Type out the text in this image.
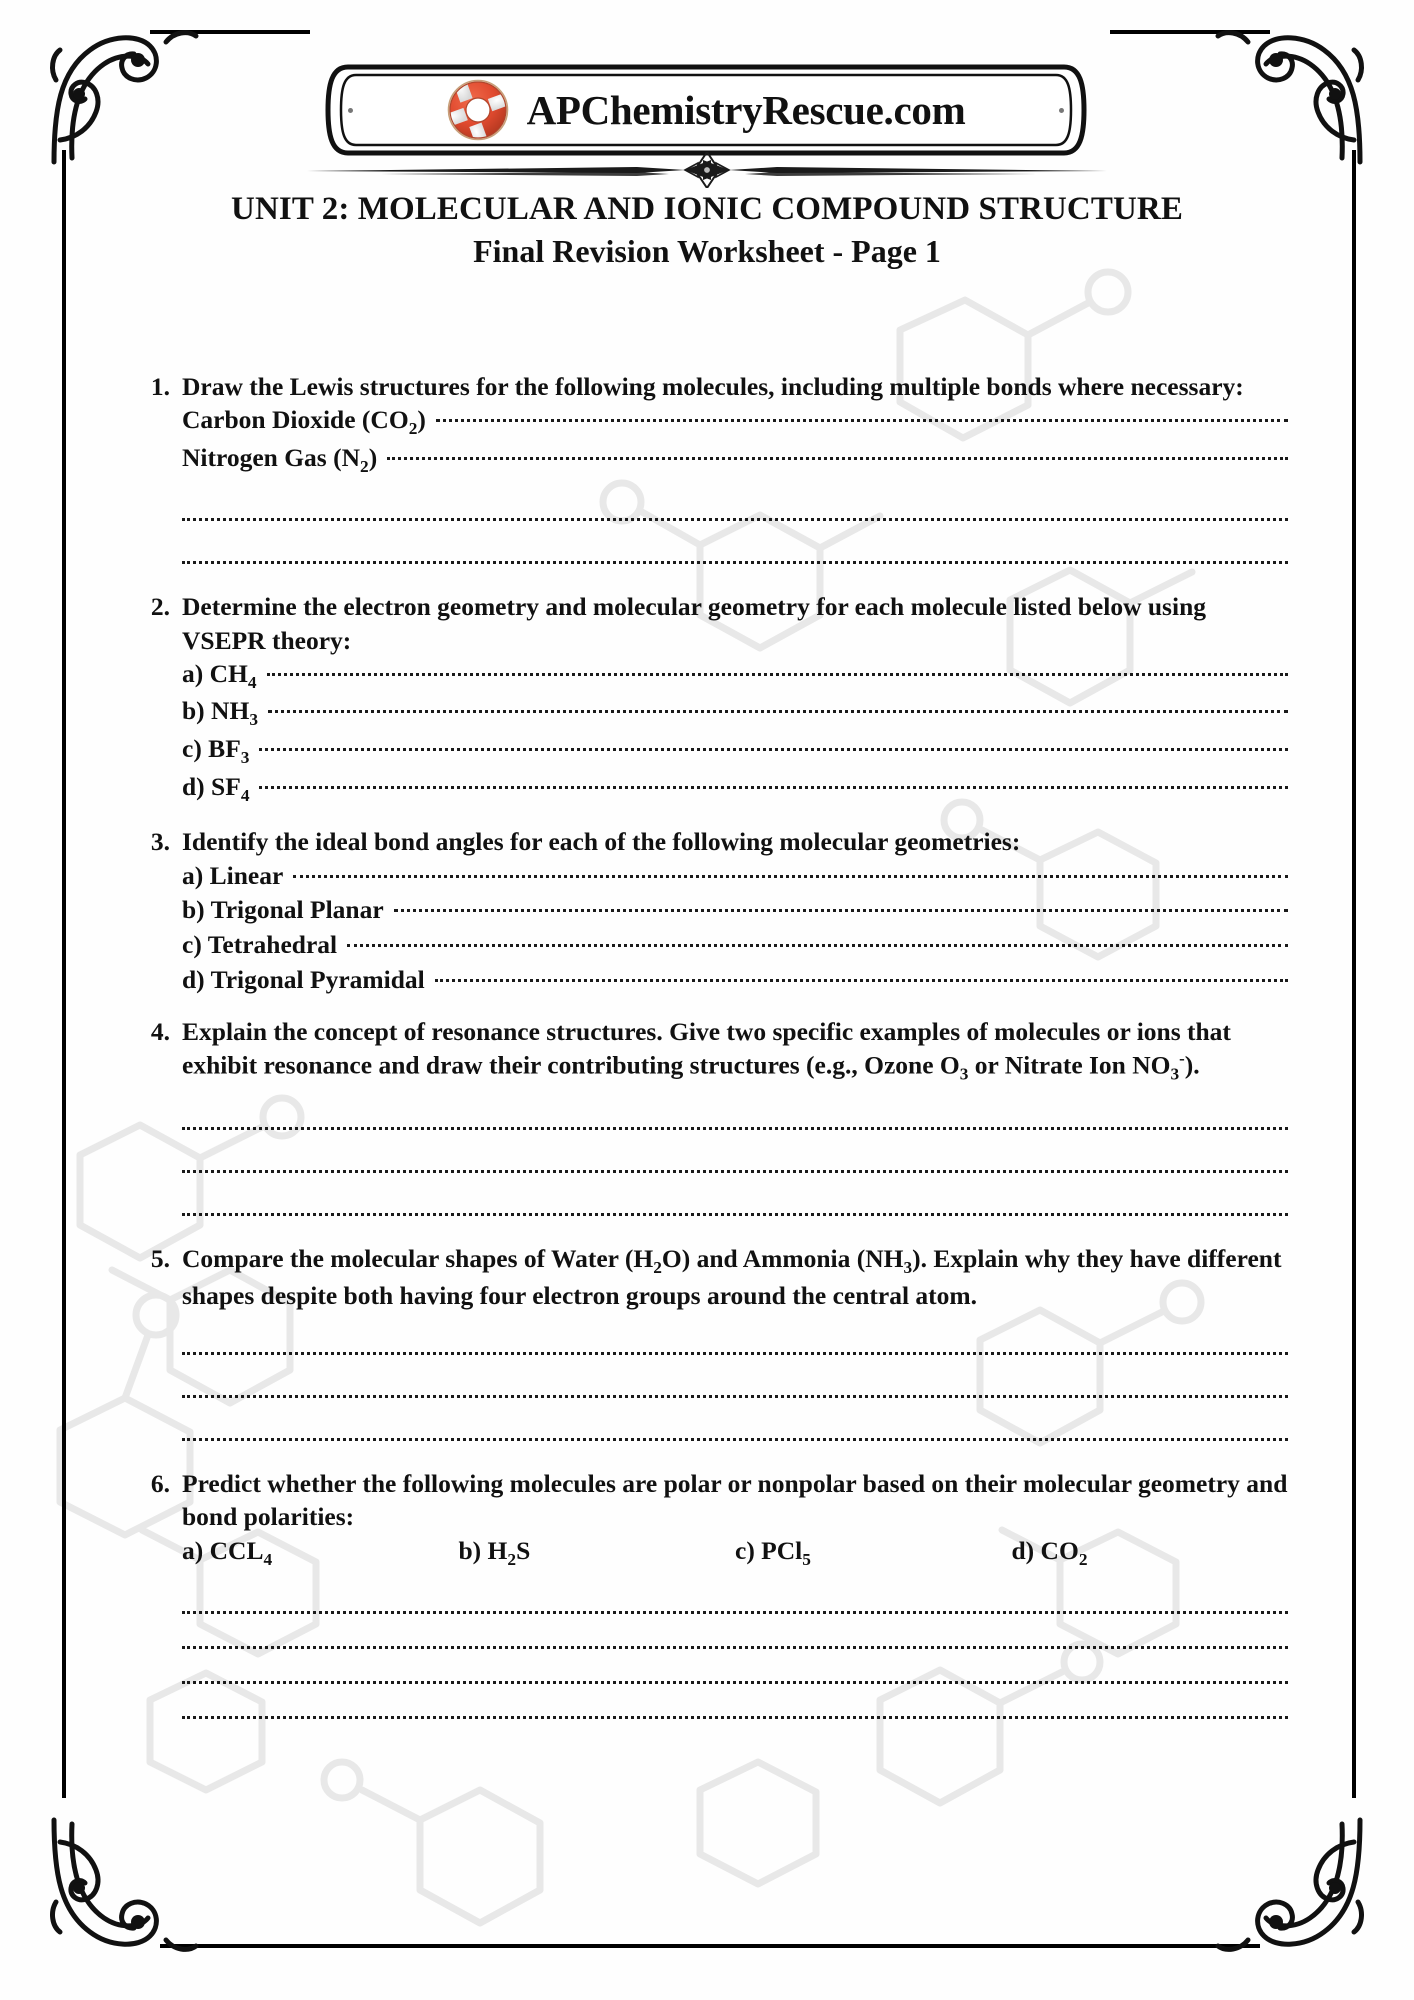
APChemistryRescue.com
UNIT 2: MOLECULAR AND IONIC COMPOUND STRUCTURE
Final Revision Worksheet - Page 1
1. Draw the Lewis structures for the following molecules, including multiple bonds where necessary:
Carbon Dioxide $(CO_2)$
Nitrogen Gas $(N_2)$
2. Determine the electron geometry and molecular geometry for each molecule listed below using VSEPR theory:
a) $CH_4$
b) $NH_3$
c) $BF_3$
d) $SF_4$
3. Identify the ideal bond angles for each of the following molecular geometries:
a) Linear
b) Trigonal Planar
c) Tetrahedral
d) Trigonal Pyramidal
4. Explain the concept of resonance structures. Give two specific examples of molecules or ions that exhibit resonance and draw their contributing structures (e.g., Ozone $O_3$ or Nitrate Ion $NO_3^-$).
5. Compare the molecular shapes of Water $(H_2O)$ and Ammonia $(NH_3)$. Explain why they have different shapes despite both having four electron groups around the central atom.
6. Predict whether the following molecules are polar or nonpolar based on their molecular geometry and bond polarities:
a) $CCL_4$	b) $H_2S$	c) PCl$_5$	d) $CO_2$
